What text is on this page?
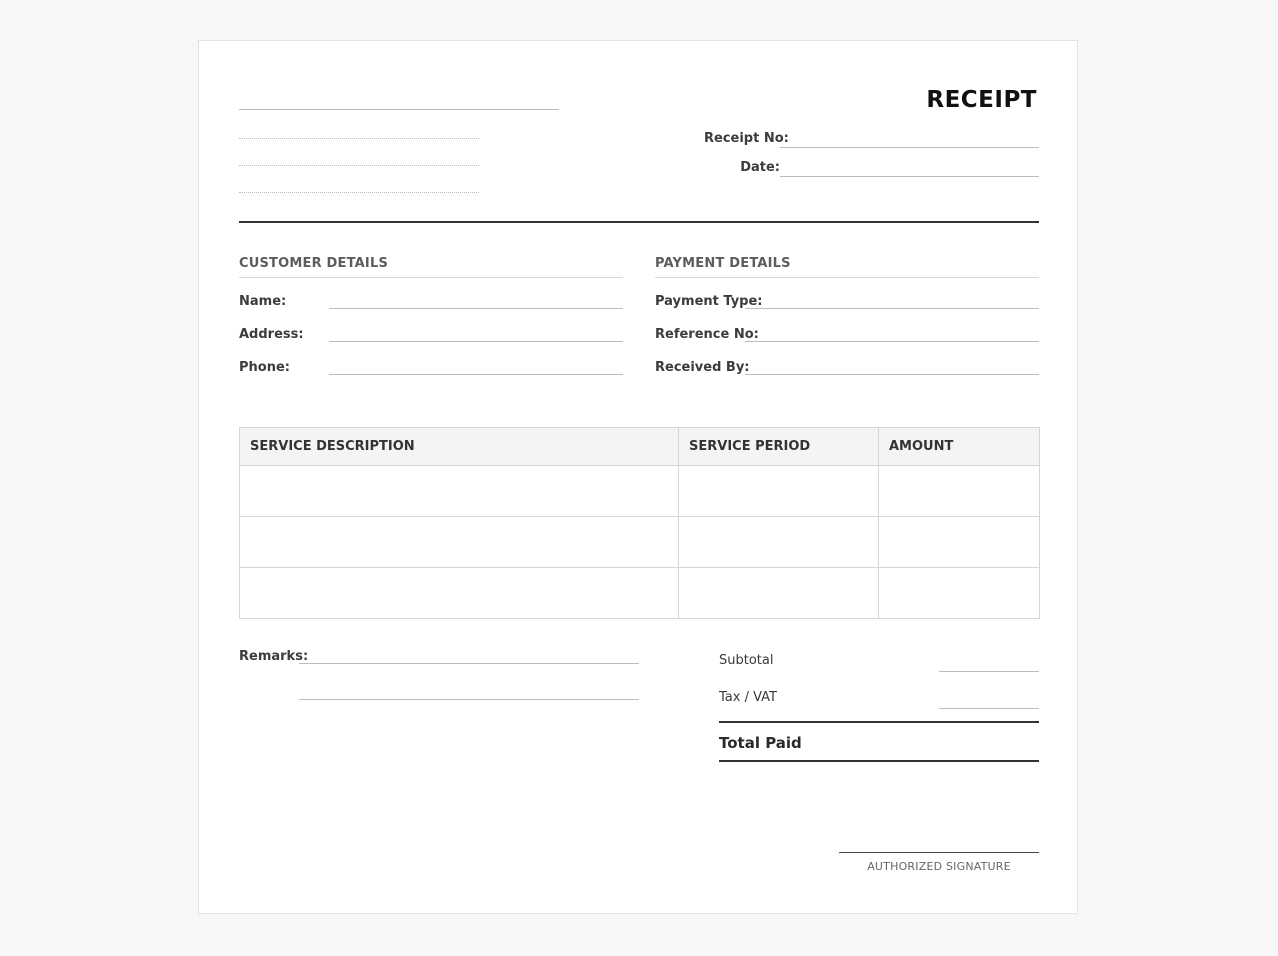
RECEIPT
Receipt No:
Date:
CUSTOMER DETAILS
Name:
Address:
Phone:
PAYMENT DETAILS
Payment Type:
Reference No:
Received By:
SERVICE DESCRIPTION	SERVICE PERIOD	AMOUNT

Remarks:	Subtotal
Tax / VAT
Total Paid
AUTHORIZED SIGNATURE
